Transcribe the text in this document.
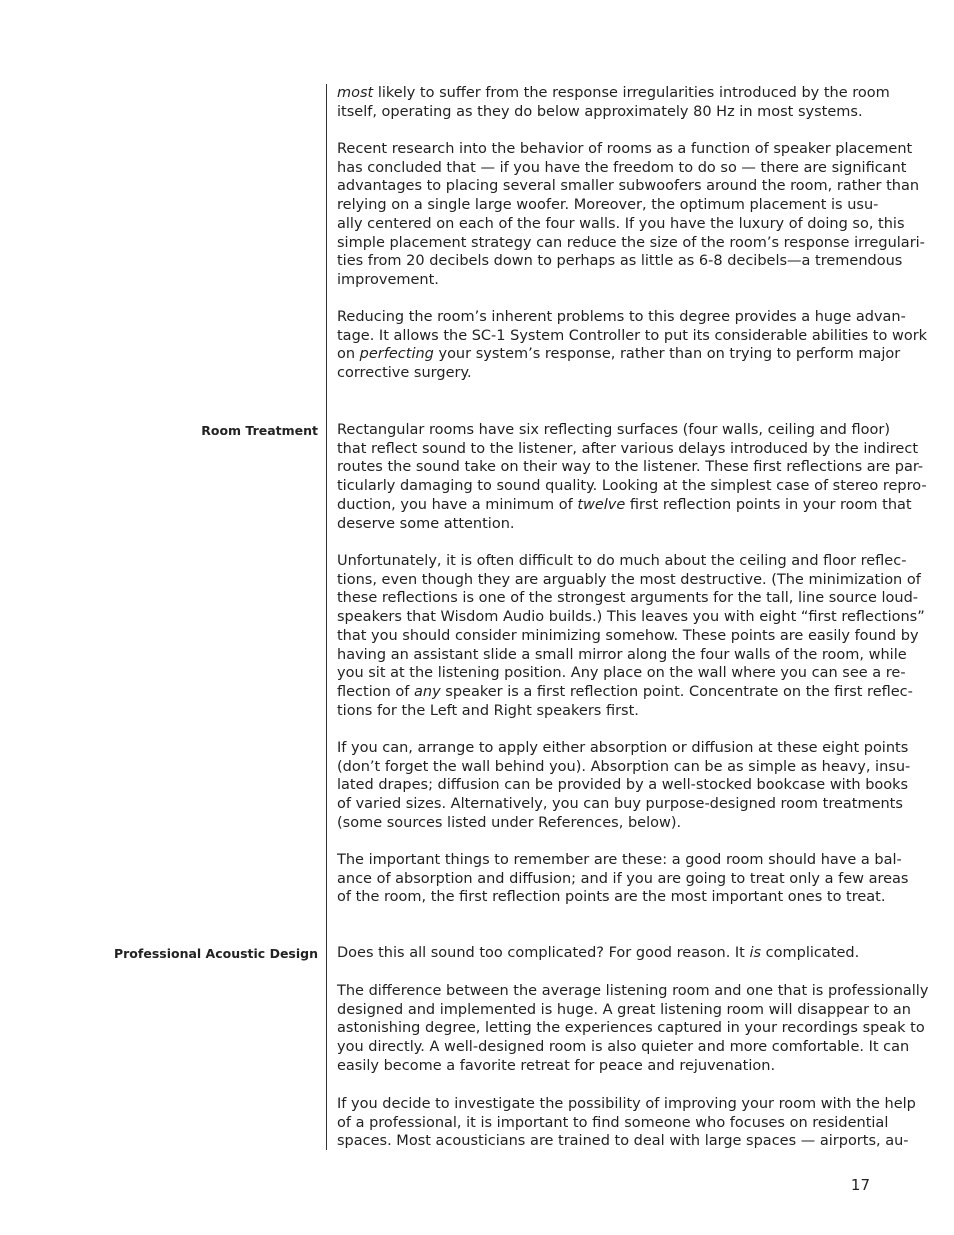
Room Treatment
Professional Acoustic Design
most likely to suffer from the response irregularities introduced by the room
itself, operating as they do below approximately 80 Hz in most systems.
Recent research into the behavior of rooms as a function of speaker placement
has concluded that — if you have the freedom to do so — there are significant
advantages to placing several smaller subwoofers around the room, rather than
relying on a single large woofer. Moreover, the optimum placement is usu-
ally centered on each of the four walls. If you have the luxury of doing so, this
simple placement strategy can reduce the size of the room’s response irregulari-
ties from 20 decibels down to perhaps as little as 6-8 decibels—a tremendous
improvement.
Reducing the room’s inherent problems to this degree provides a huge advan-
tage. It allows the SC-1 System Controller to put its considerable abilities to work
on perfecting your system’s response, rather than on trying to perform major
corrective surgery.
Rectangular rooms have six reflecting surfaces (four walls, ceiling and floor)
that reflect sound to the listener, after various delays introduced by the indirect
routes the sound take on their way to the listener. These first reflections are par-
ticularly damaging to sound quality. Looking at the simplest case of stereo repro-
duction, you have a minimum of twelve first reflection points in your room that
deserve some attention.
Unfortunately, it is often difficult to do much about the ceiling and floor reflec-
tions, even though they are arguably the most destructive. (The minimization of
these reflections is one of the strongest arguments for the tall, line source loud-
speakers that Wisdom Audio builds.) This leaves you with eight “first reflections”
that you should consider minimizing somehow. These points are easily found by
having an assistant slide a small mirror along the four walls of the room, while
you sit at the listening position. Any place on the wall where you can see a re-
flection of any speaker is a first reflection point. Concentrate on the first reflec-
tions for the Left and Right speakers first.
If you can, arrange to apply either absorption or diffusion at these eight points
(don’t forget the wall behind you). Absorption can be as simple as heavy, insu-
lated drapes; diffusion can be provided by a well-stocked bookcase with books
of varied sizes. Alternatively, you can buy purpose-designed room treatments
(some sources listed under References, below).
The important things to remember are these: a good room should have a bal-
ance of absorption and diffusion; and if you are going to treat only a few areas
of the room, the first reflection points are the most important ones to treat.
Does this all sound too complicated? For good reason. It is complicated.
The difference between the average listening room and one that is professionally
designed and implemented is huge. A great listening room will disappear to an
astonishing degree, letting the experiences captured in your recordings speak to
you directly. A well-designed room is also quieter and more comfortable. It can
easily become a favorite retreat for peace and rejuvenation.
If you decide to investigate the possibility of improving your room with the help
of a professional, it is important to find someone who focuses on residential
spaces. Most acousticians are trained to deal with large spaces — airports, au-
17
